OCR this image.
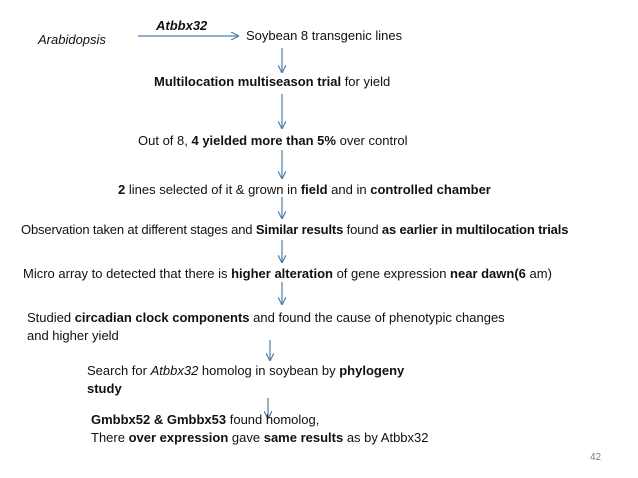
Arabidopsis
Atbbx32
Soybean 8 transgenic lines
Multilocation multiseason trial for yield
Out of 8, 4 yielded more than 5% over control
2 lines selected of it & grown in field and in controlled chamber
Observation taken at different stages and Similar results found as earlier in multilocation trials
Micro array to detected that there is higher alteration of gene expression near dawn(6 am)
Studied circadian clock components and found the cause of phenotypic changes
and higher yield
Search for Atbbx32 homolog in soybean by phylogeny
study
Gmbbx52 & Gmbbx53 found homolog,
There over expression gave same results as by Atbbx32
42
